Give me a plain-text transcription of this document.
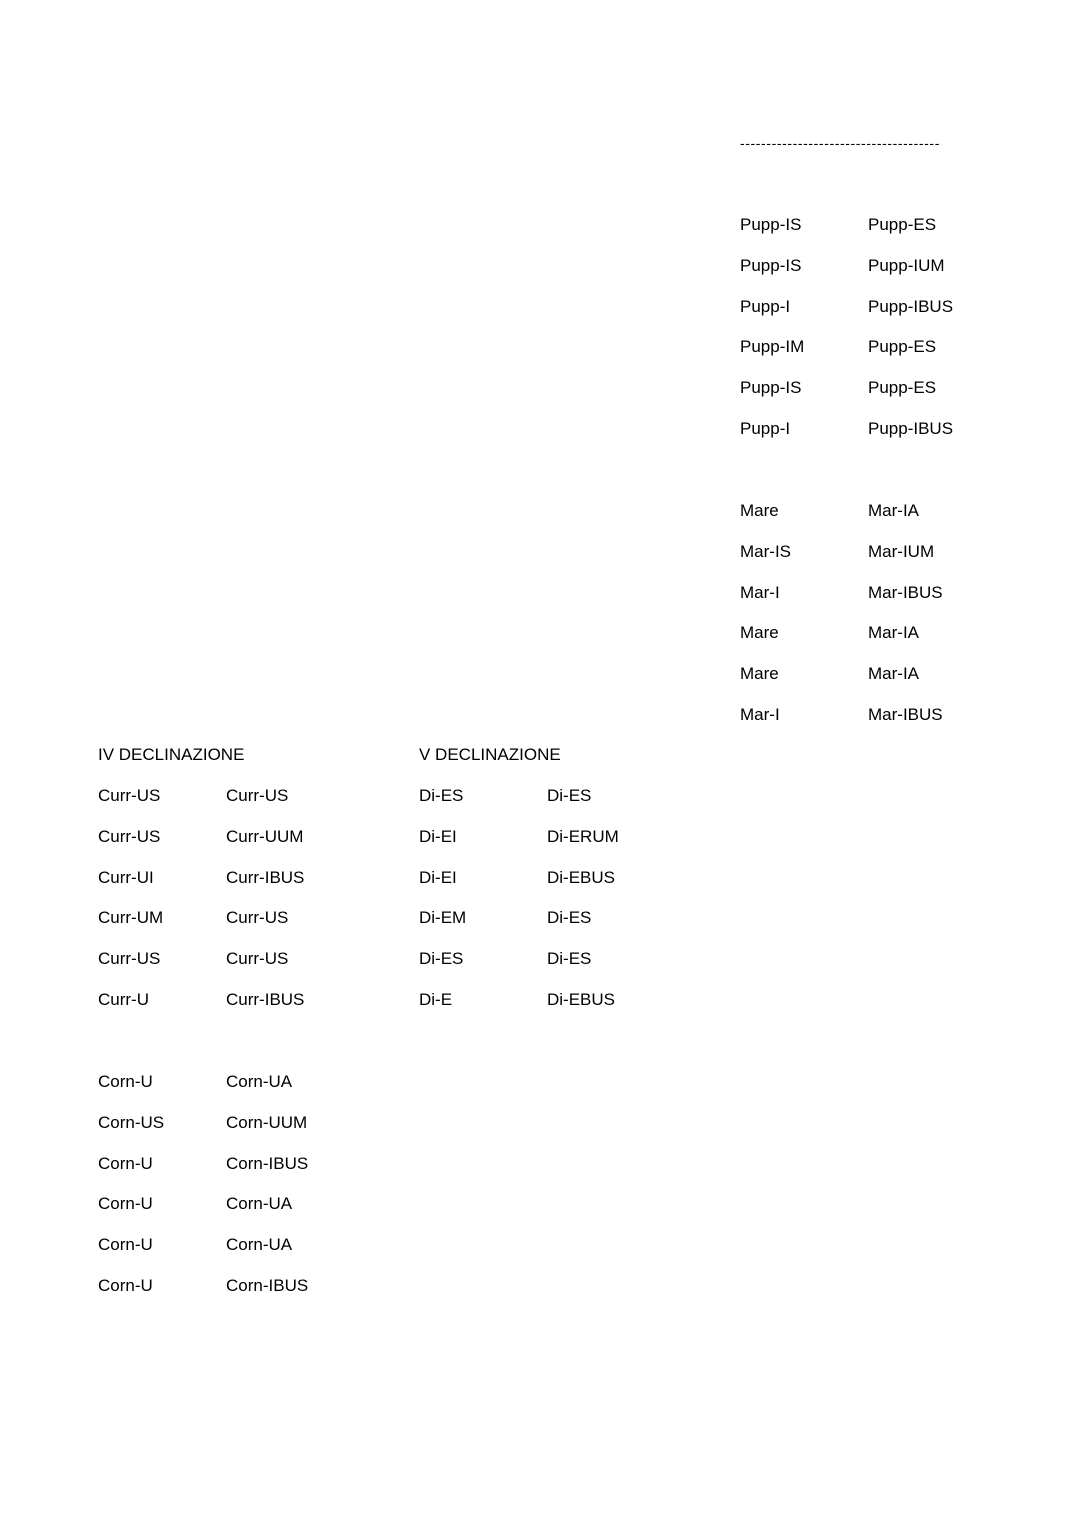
--------------------------------------
Pupp-IS	Pupp-ES
Pupp-IS	Pupp-IUM
Pupp-I	Pupp-IBUS
Pupp-IM	Pupp-ES
Pupp-IS	Pupp-ES
Pupp-I	Pupp-IBUS
Mare	Mar-IA
Mar-IS	Mar-IUM
Mar-I	Mar-IBUS
Mare	Mar-IA
Mare	Mar-IA
Mar-I	Mar-IBUS
IV DECLINAZIONE	V DECLINAZIONE
Curr-US	Curr-US
Curr-US	Curr-UUM
Curr-UI	Curr-IBUS
Curr-UM	Curr-US
Curr-US	Curr-US
Curr-U	Curr-IBUS
Di-ES	Di-ES
Di-EI	Di-ERUM
Di-EI	Di-EBUS
Di-EM	Di-ES
Di-ES	Di-ES
Di-E	Di-EBUS
Corn-U	Corn-UA
Corn-US	Corn-UUM
Corn-U	Corn-IBUS
Corn-U	Corn-UA
Corn-U	Corn-UA
Corn-U	Corn-IBUS
